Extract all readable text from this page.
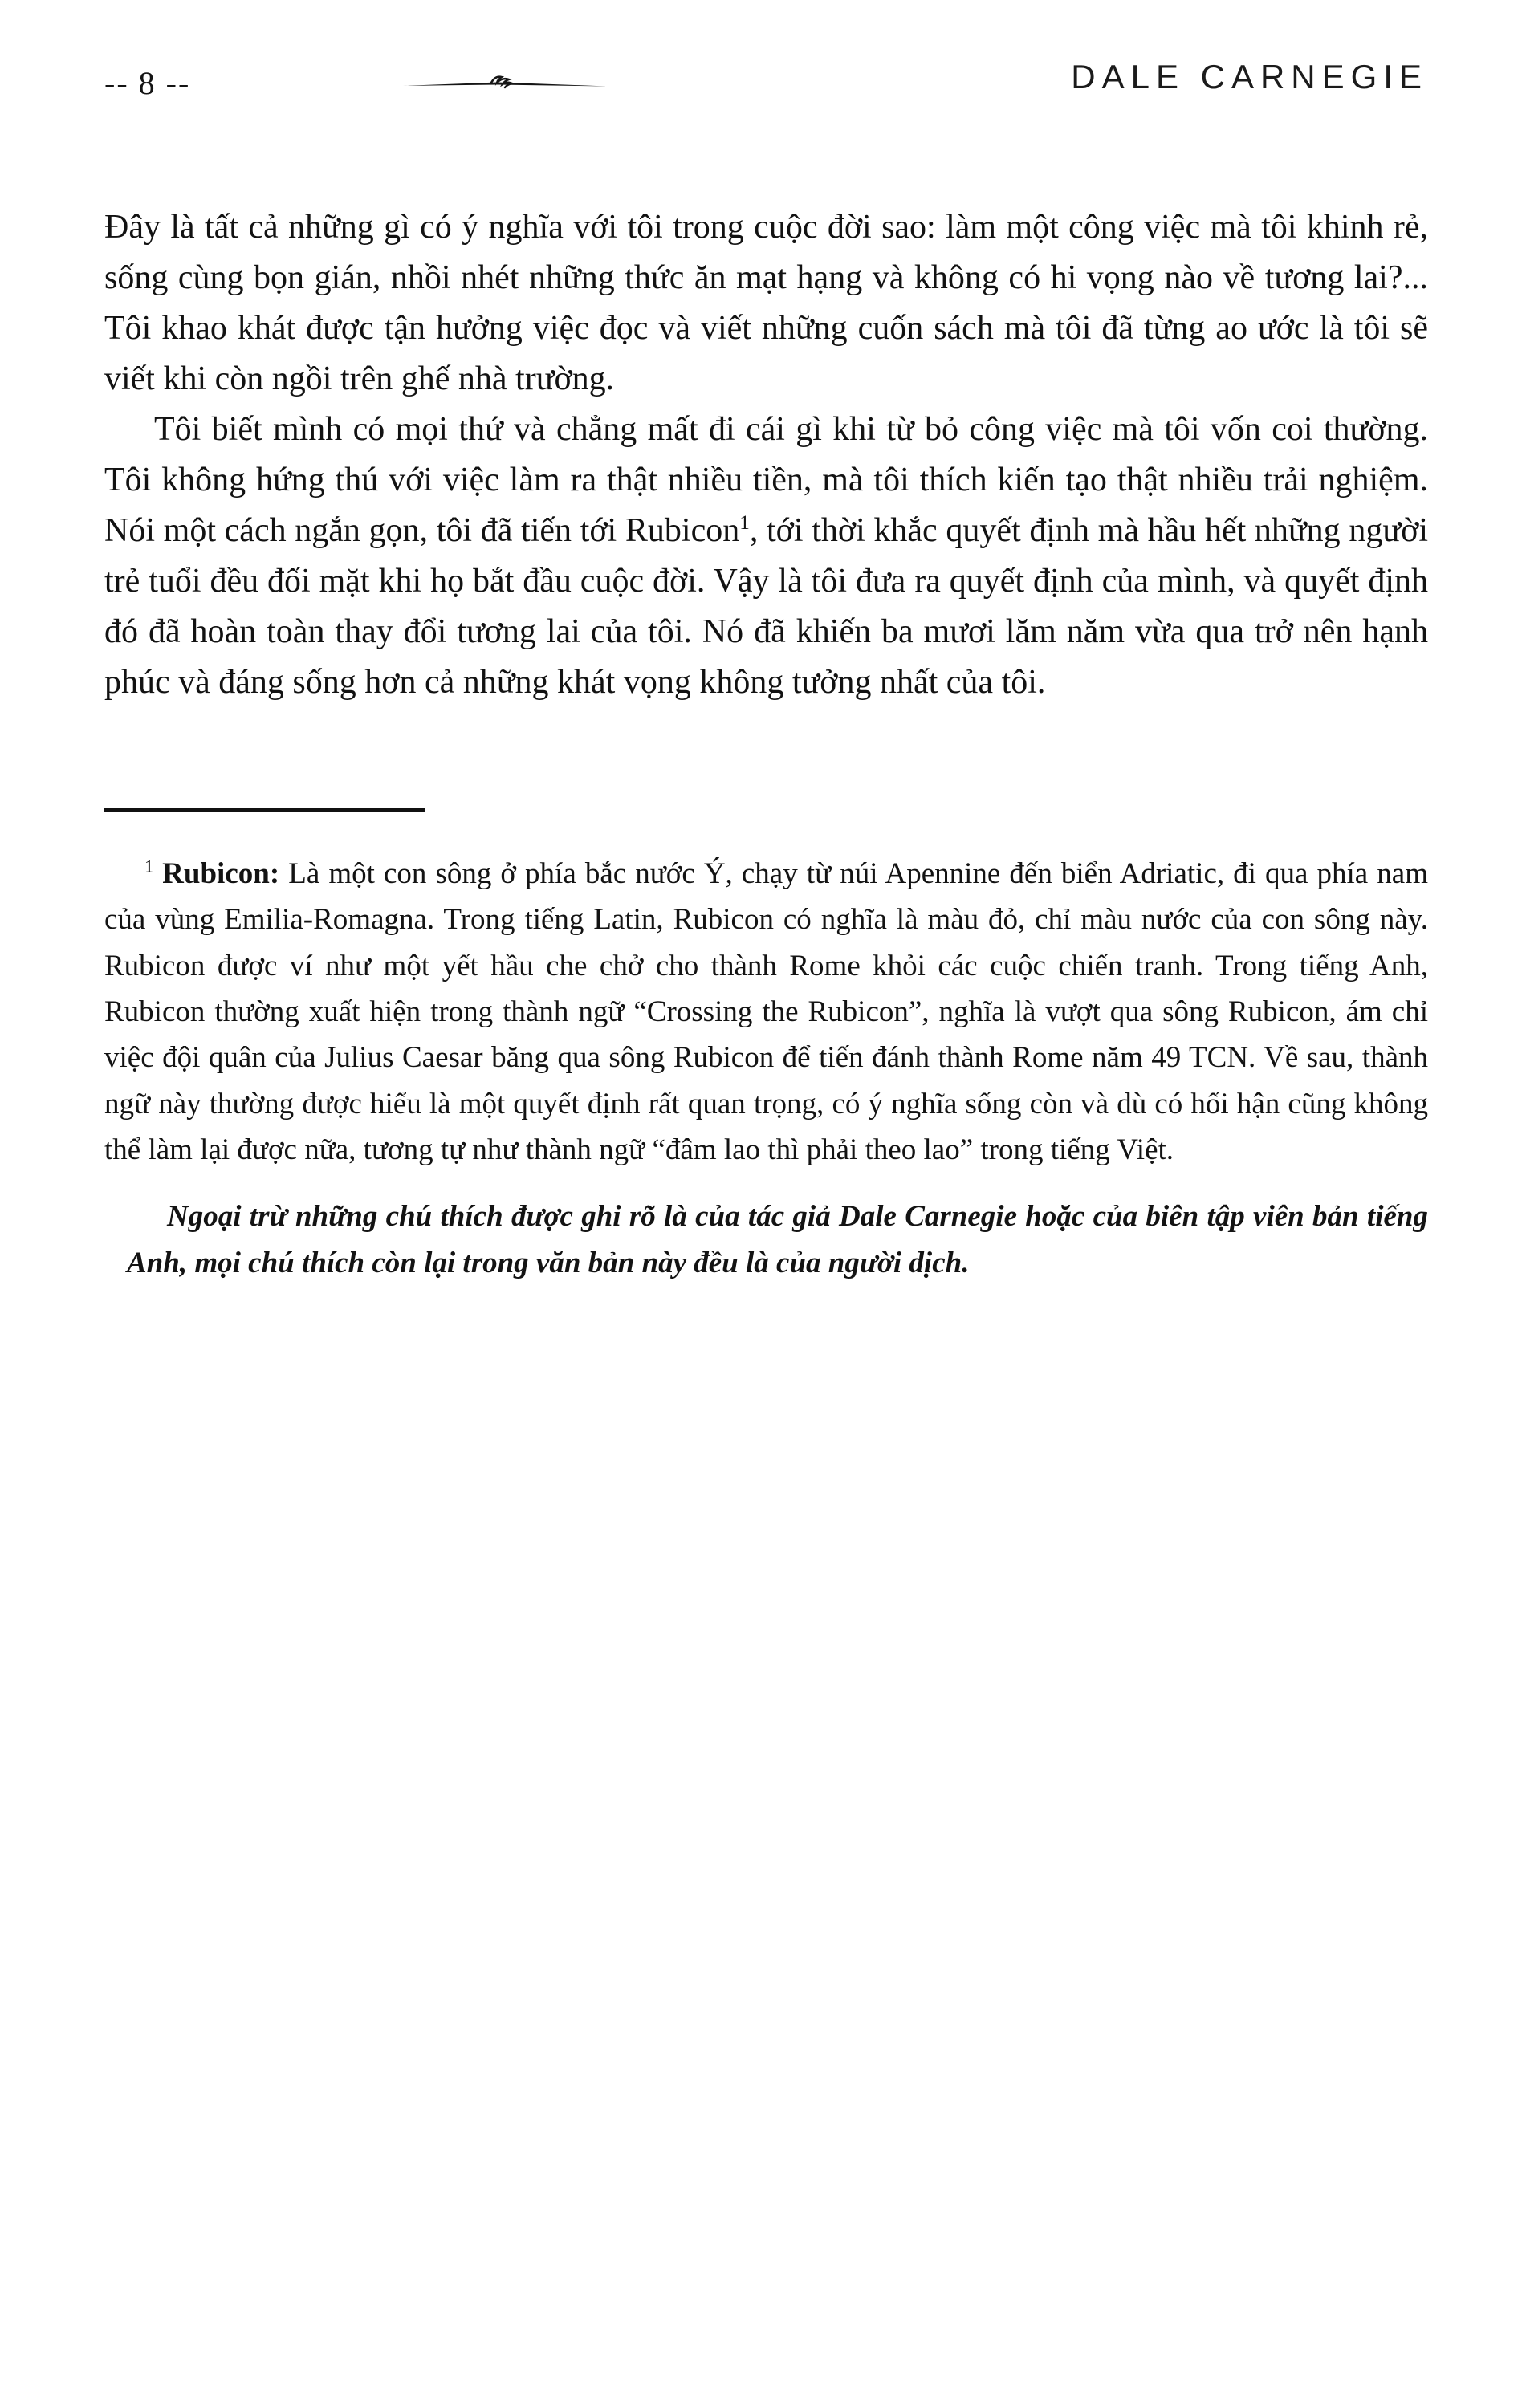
-- 8 --	DALE CARNEGIE

Đây là tất cả những gì có ý nghĩa với tôi trong cuộc đời sao: làm một công việc mà tôi khinh rẻ, sống cùng bọn gián, nhồi nhét những thức ăn mạt hạng và không có hi vọng nào về tương lai?... Tôi khao khát được tận hưởng việc đọc và viết những cuốn sách mà tôi đã từng ao ước là tôi sẽ viết khi còn ngồi trên ghế nhà trường.

Tôi biết mình có mọi thứ và chẳng mất đi cái gì khi từ bỏ công việc mà tôi vốn coi thường. Tôi không hứng thú với việc làm ra thật nhiều tiền, mà tôi thích kiến tạo thật nhiều trải nghiệm. Nói một cách ngắn gọn, tôi đã tiến tới Rubicon$^1$, tới thời khắc quyết định mà hầu hết những người trẻ tuổi đều đối mặt khi họ bắt đầu cuộc đời. Vậy là tôi đưa ra quyết định của mình, và quyết định đó đã hoàn toàn thay đổi tương lai của tôi. Nó đã khiến ba mươi lăm năm vừa qua trở nên hạnh phúc và đáng sống hơn cả những khát vọng không tưởng nhất của tôi.

$^1$ Rubicon: Là một con sông ở phía bắc nước Ý, chạy từ núi Apennine đến biển Adriatic, đi qua phía nam của vùng Emilia-Romagna. Trong tiếng Latin, Rubicon có nghĩa là màu đỏ, chỉ màu nước của con sông này. Rubicon được ví như một yết hầu che chở cho thành Rome khỏi các cuộc chiến tranh. Trong tiếng Anh, Rubicon thường xuất hiện trong thành ngữ “Crossing the Rubicon”, nghĩa là vượt qua sông Rubicon, ám chỉ việc đội quân của Julius Caesar băng qua sông Rubicon để tiến đánh thành Rome năm 49 TCN. Về sau, thành ngữ này thường được hiểu là một quyết định rất quan trọng, có ý nghĩa sống còn và dù có hối hận cũng không thể làm lại được nữa, tương tự như thành ngữ “đâm lao thì phải theo lao” trong tiếng Việt.

Ngoại trừ những chú thích được ghi rõ là của tác giả Dale Carnegie hoặc của biên tập viên bản tiếng Anh, mọi chú thích còn lại trong văn bản này đều là của người dịch.
